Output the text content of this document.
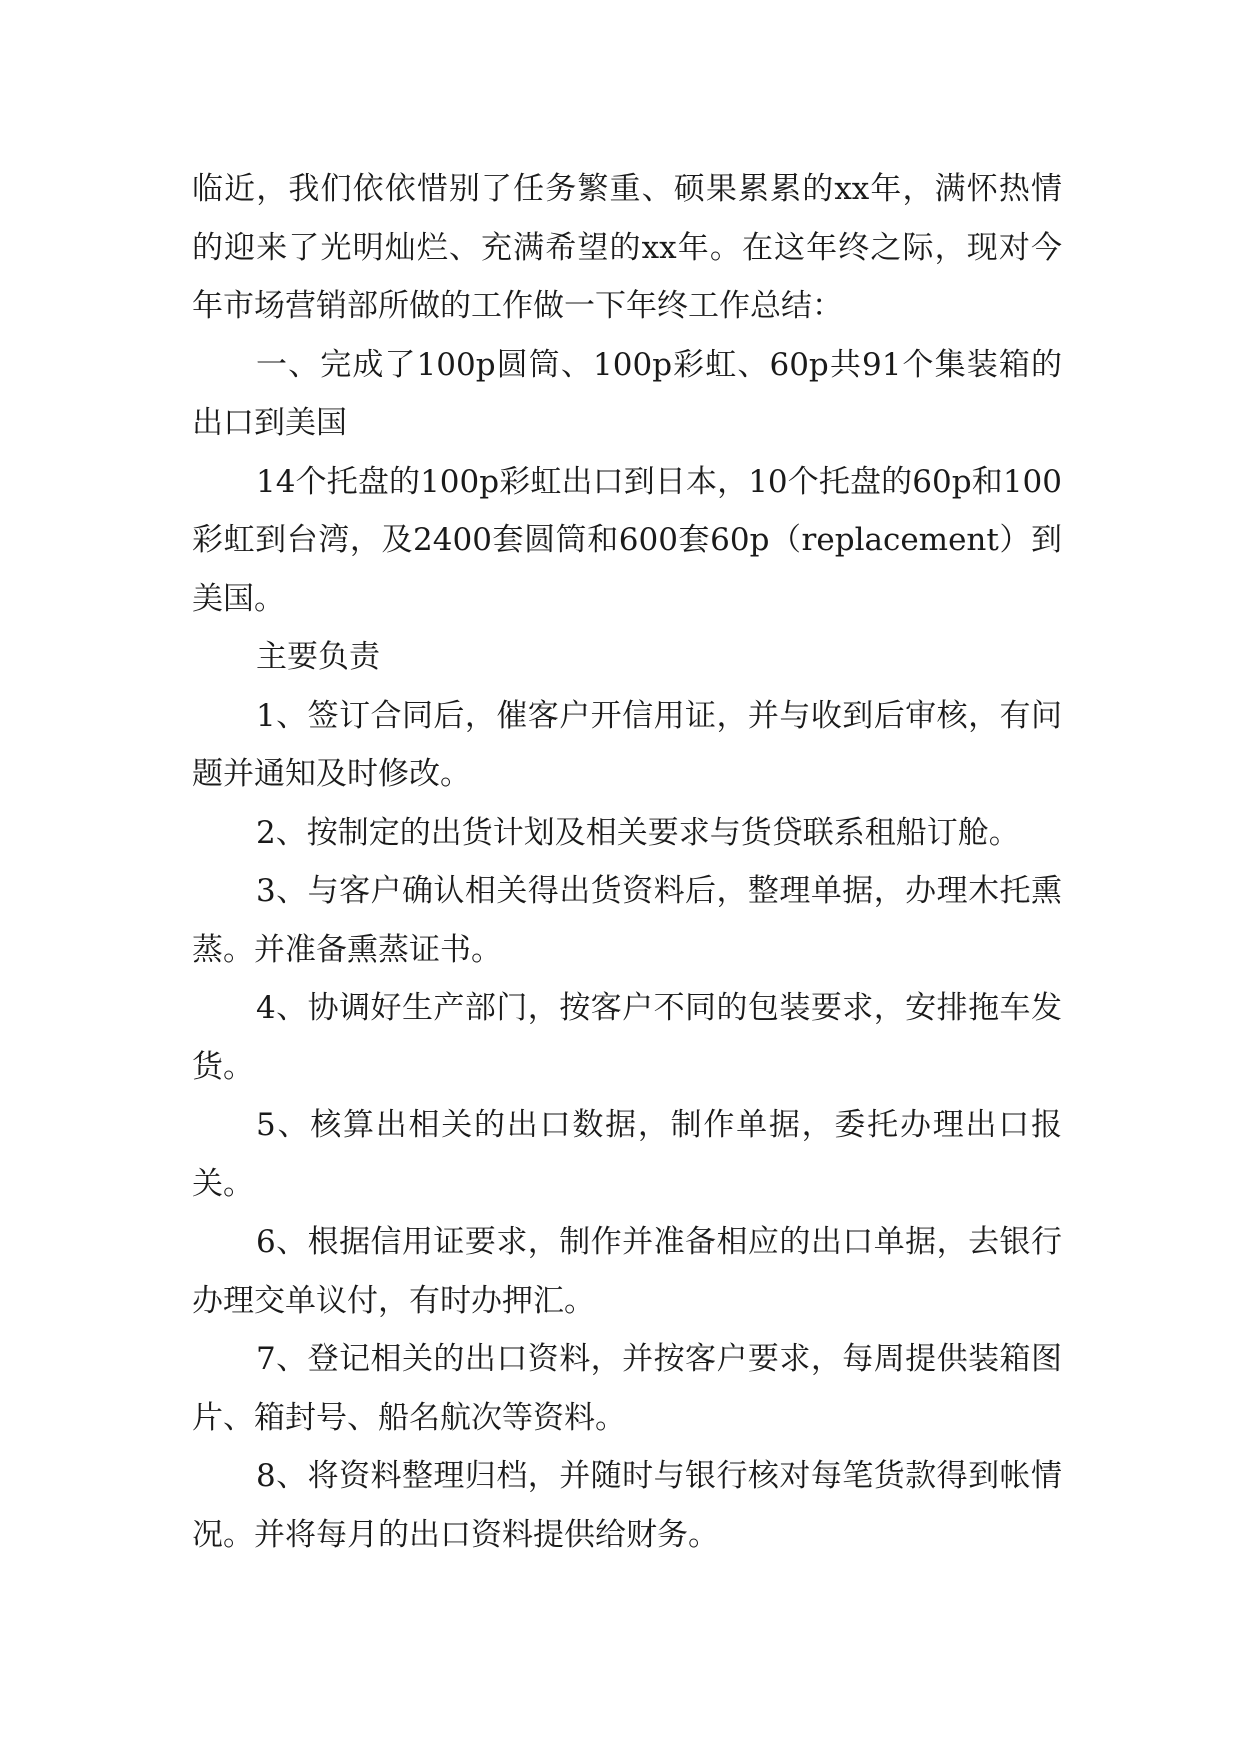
临近，我们依依惜别了任务繁重、硕果累累的xx年，满怀热情的迎来了光明灿烂、充满希望的xx年。在这年终之际，现对今年市场营销部所做的工作做一下年终工作总结：

一、完成了100p圆筒、100p彩虹、60p共91个集装箱的出口到美国

14个托盘的100p彩虹出口到日本，10个托盘的60p和100彩虹到台湾，及2400套圆筒和600套60p（replacement）到美国。

主要负责

1、签订合同后，催客户开信用证，并与收到后审核，有问题并通知及时修改。

2、按制定的出货计划及相关要求与货贷联系租船订舱。

3、与客户确认相关得出货资料后，整理单据，办理木托熏蒸。并准备熏蒸证书。

4、协调好生产部门，按客户不同的包装要求，安排拖车发货。

5、核算出相关的出口数据，制作单据，委托办理出口报关。

6、根据信用证要求，制作并准备相应的出口单据，去银行办理交单议付，有时办押汇。

7、登记相关的出口资料，并按客户要求，每周提供装箱图片、箱封号、船名航次等资料。

8、将资料整理归档，并随时与银行核对每笔货款得到帐情况。并将每月的出口资料提供给财务。
